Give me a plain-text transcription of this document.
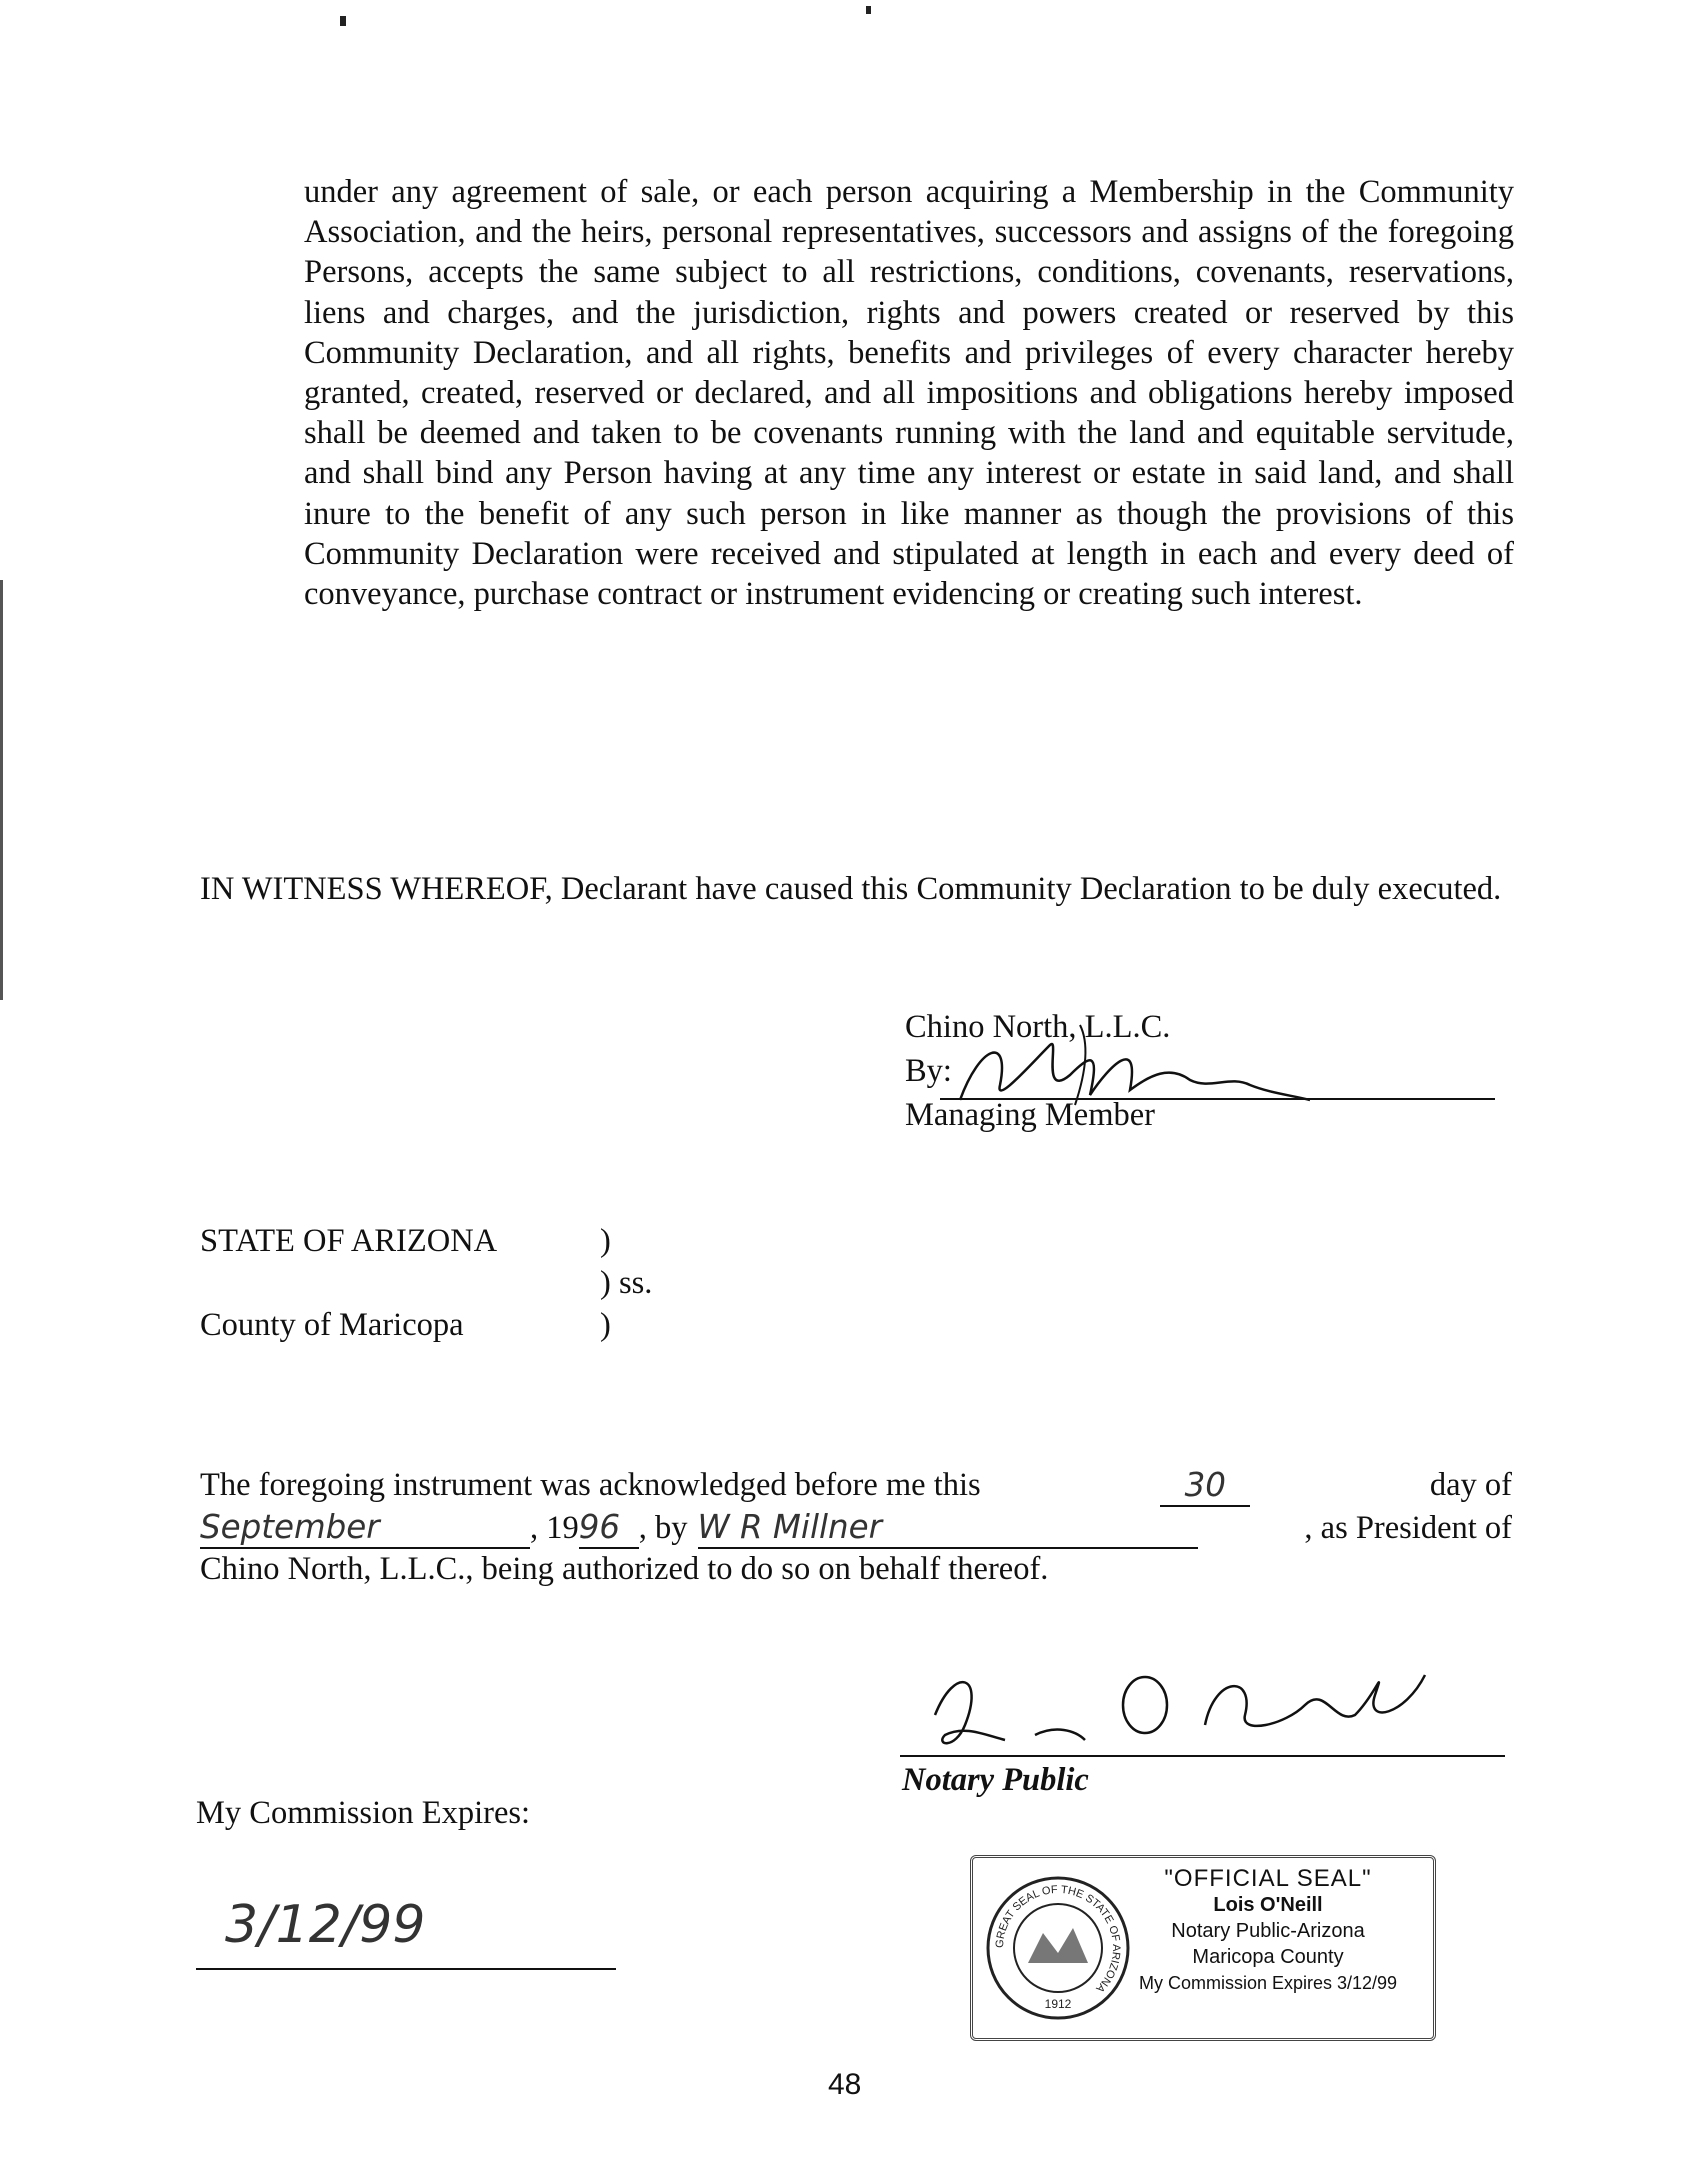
under any agreement of sale, or each person acquiring a Membership in the Community Association, and the heirs, personal representatives, successors and assigns of the foregoing Persons, accepts the same subject to all restrictions, conditions, covenants, reservations, liens and charges, and the jurisdiction, rights and powers created or reserved by this Community Declaration, and all rights, benefits and privileges of every character hereby granted, created, reserved or declared, and all impositions and obligations hereby imposed shall be deemed and taken to be covenants running with the land and equitable servitude, and shall bind any Person having at any time any interest or estate in said land, and shall inure to the benefit of any such person in like manner as though the provisions of this Community Declaration were received and stipulated at length in each and every deed of conveyance, purchase contract or instrument evidencing or creating such interest.
IN WITNESS WHEREOF, Declarant have caused this Community Declaration to be duly executed.
Chino North, L.L.C.
By:
Managing Member
STATE OF ARIZONA	)
) ss.
County of Maricopa	)
The foregoing instrument was acknowledged before me this	30	day of
September	, 19 96 , by W R Millner	, as President of
Chino North, L.L.C., being authorized to do so on behalf thereof.
Notary Public
My Commission Expires:
3/12/99	GREAT SEAL OF THE STATE OF ARIZONA
1912
"OFFICIAL SEAL"
Lois O'Neill
Notary Public-Arizona
Maricopa County
My Commission Expires 3/12/99
48
